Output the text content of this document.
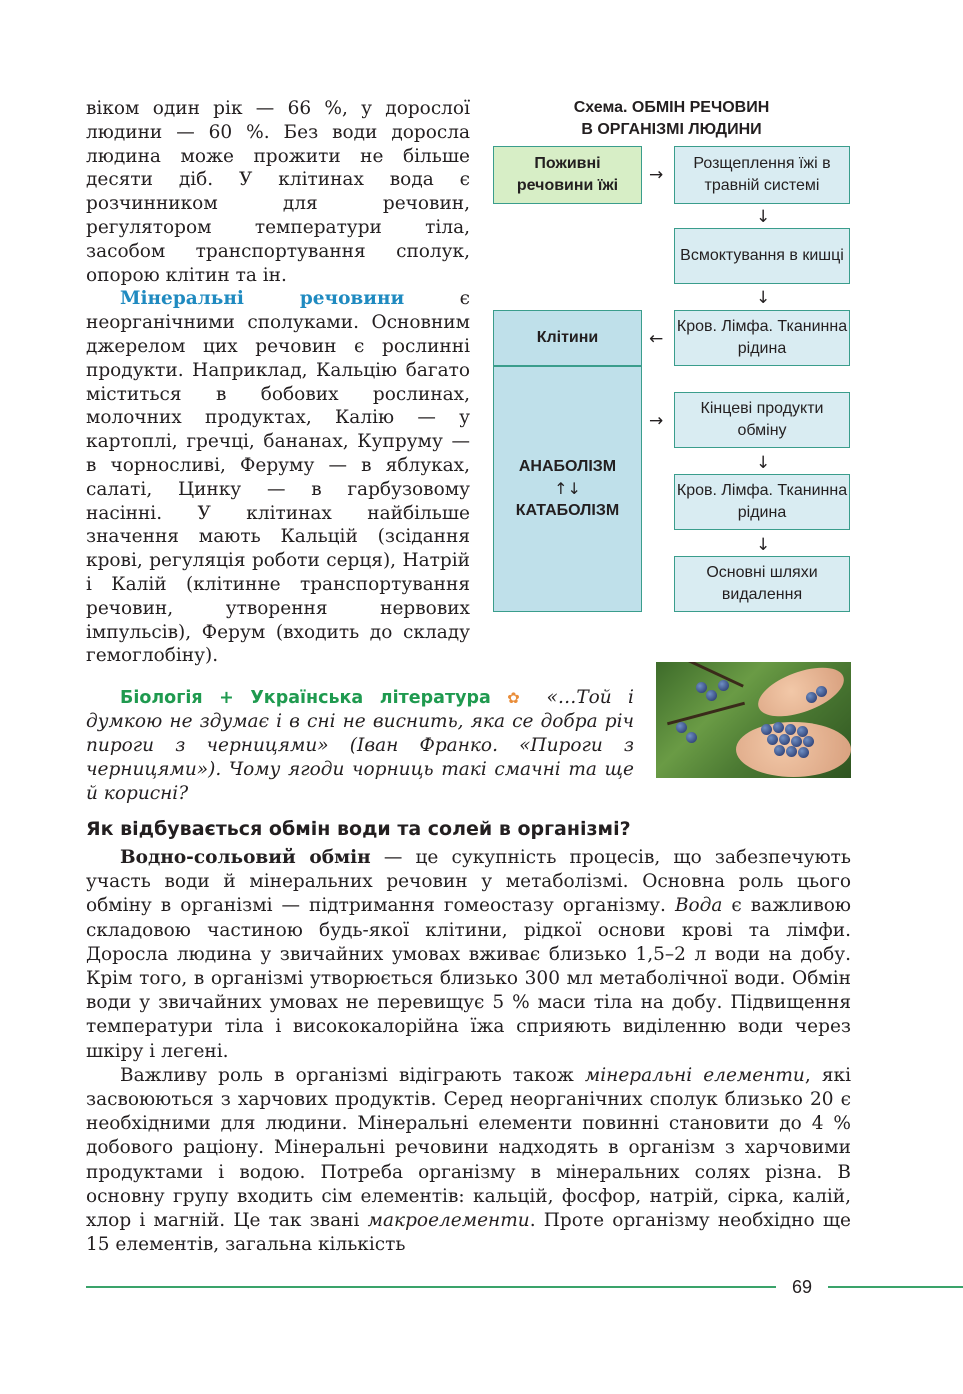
віком один рік — 66 %, у дорослої людини — 60 %. Без води доросла людина може прожити не більше десяти діб. У клітинах вода є розчинником для речовин, регулятором температури тіла, засобом транспортування сполук, опорою клітин та ін.

Мінеральні речовини є неорганічними сполуками. Основним джерелом цих речовин є рослинні продукти. Наприклад, Кальцію багато міститься в бобових рослинах, молочних продуктах, Калію — у картоплі, гречці, бананах, Купруму — в чорносливі, Феруму — в яблуках, салаті, Цинку — в гарбузовому насінні. У клітинах найбільше значення мають Кальцій (зсідання крові, регуляція роботи серця), Натрій і Калій (клітинне транспортування речовин, утворення нервових імпульсів), Ферум (входить до складу гемоглобіну).

Схема. ОБМІН РЕЧОВИН
В ОРГАНІЗМІ ЛЮДИНИ
Поживні речовини їжі
→
Розщеплення їжі в травній системі
↓
Всмоктування в кишці
↓
Кров. Лімфа. Тканинна рідина
Клітини	←
АНАБОЛІЗМ
↑↓
КАТАБОЛІЗМ
→
Кінцеві продукти обміну
↓
Кров. Лімфа. Тканинна рідина
↓
Основні шляхи видалення

Біологія + Українська література ✿ «…Той і думкою не здумає і в сні не виснить, яка се добра річ пироги з черницями» (Іван Франко. «Пироги з черницями»). Чому ягоди чорниць такі смачні та ще й корисні?

Як відбувається обмін води та солей в організмі?

Водно-сольовий обмін — це сукупність процесів, що забезпечують участь води й мінеральних речовин у метаболізмі. Основна роль цього обміну в організмі — підтримання гомеостазу організму. Вода є важливою складовою частиною будь-якої клітини, рідкої основи крові та лімфи. Доросла людина у звичайних умовах вживає близько 1,5–2 л води на добу. Крім того, в організмі утворюється близько 300 мл метаболічної води. Обмін води у звичайних умовах не перевищує 5 % маси тіла на добу. Підвищення температури тіла і висококалорійна їжа сприяють виділенню води через шкіру і легені.

Важливу роль в організмі відіграють також мінеральні елементи, які засвоюються з харчових продуктів. Серед неорганічних сполук близько 20 є необхідними для людини. Мінеральні елементи повинні становити до 4 % добового раціону. Мінеральні речовини надходять в організм з харчовими продуктами і водою. Потреба організму в мінеральних солях різна. В основну групу входить сім елементів: кальцій, фосфор, натрій, сірка, калій, хлор і магній. Це так звані макроелементи. Проте організму необхідно ще 15 елементів, загальна кількість

69
